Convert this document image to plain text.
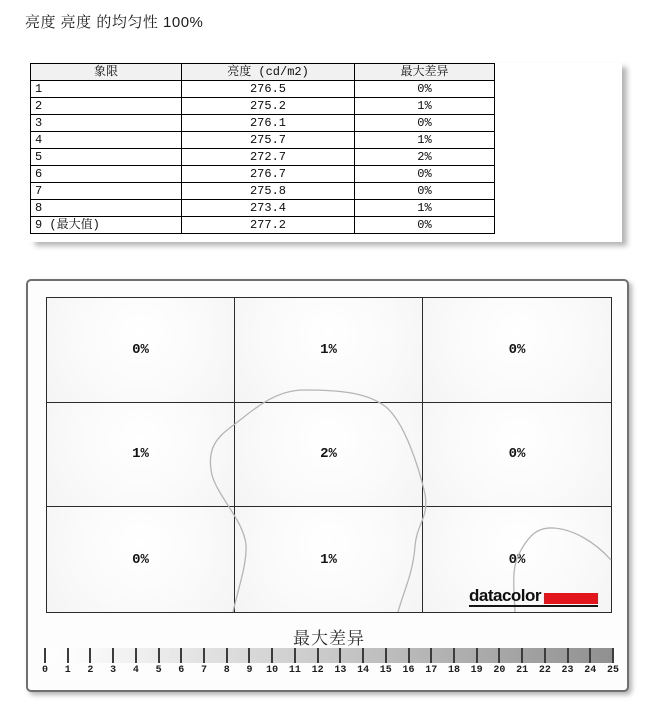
亮度 亮度 的均匀性 100%
象限	亮度 (cd/m2)	最大差异
1	276.5	0%
2	275.2	1%
3	276.1	0%
4	275.7	1%
5	272.7	2%
6	276.7	0%
7	275.8	0%
8	273.4	1%
9 (最大值)	277.2	0%
0%	1%	0%
1%	2%	0%
0%	1%	0%
datacolor
最大差异
0 1 2 3 4 5 6 7 8 9 10 11 12 13 14 15 16 17 18 19 20 21 22 23 24 25
